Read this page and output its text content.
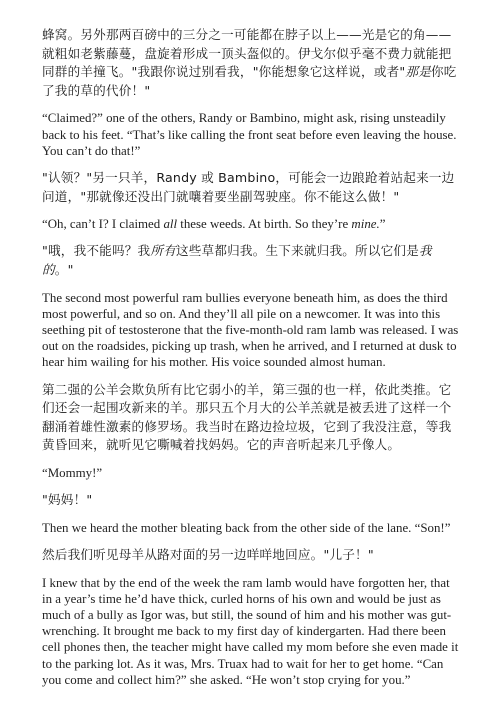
蜂窝。另外那两百磅中的三分之一可能都在脖子以上——光是它的角——就粗如老紫藤蔓，盘旋着形成一顶头盔似的。伊戈尔似乎毫不费力就能把同群的羊撞飞。"我跟你说过别看我，"你能想象它这样说，或者"那是你吃了我的草的代价！"

“Claimed?” one of the others, Randy or Bambino, might ask, rising unsteadily back to his feet. “That’s like calling the front seat before even leaving the house. You can’t do that!”

"认领？"另一只羊，Randy 或 Bambino，可能会一边踉跄着站起来一边问道，"那就像还没出门就嚷着要坐副驾驶座。你不能这么做！"

“Oh, can’t I? I claimed all these weeds. At birth. So they’re mine.”

"哦，我不能吗？我所有这些草都归我。生下来就归我。所以它们是我的。"

The second most powerful ram bullies everyone beneath him, as does the third most powerful, and so on. And they’ll all pile on a newcomer. It was into this seething pit of testosterone that the five-month-old ram lamb was released. I was out on the roadsides, picking up trash, when he arrived, and I returned at dusk to hear him wailing for his mother. His voice sounded almost human.

第二强的公羊会欺负所有比它弱小的羊，第三强的也一样，依此类推。它们还会一起围攻新来的羊。那只五个月大的公羊羔就是被丢进了这样一个翻涌着雄性激素的修罗场。我当时在路边捡垃圾，它到了我没注意，等我黄昏回来，就听见它嘶喊着找妈妈。它的声音听起来几乎像人。

“Mommy!”

"妈妈！"

Then we heard the mother bleating back from the other side of the lane. “Son!”

然后我们听见母羊从路对面的另一边咩咩地回应。"儿子！"

I knew that by the end of the week the ram lamb would have forgotten her, that in a year’s time he’d have thick, curled horns of his own and would be just as much of a bully as Igor was, but still, the sound of him and his mother was gut-wrenching. It brought me back to my first day of kindergarten. Had there been cell phones then, the teacher might have called my mom before she even made it to the parking lot. As it was, Mrs. Truax had to wait for her to get home. “Can you come and collect him?” she asked. “He won’t stop crying for you.”
